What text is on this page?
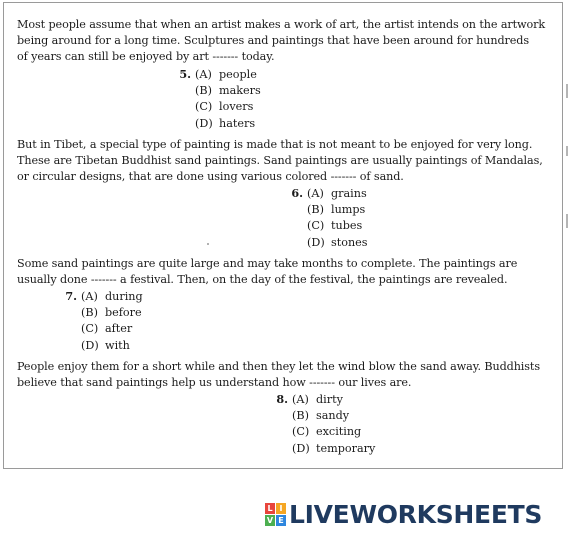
Most people assume that when an artist makes a work of art, the artist intends on the artwork
being around for a long time. Sculptures and paintings that have been around for hundreds
of years can still be enjoyed by art ------- today.
5. (A) people
(B) makers
(C) lovers
(D) haters
But in Tibet, a special type of painting is made that is not meant to be enjoyed for very long.
These are Tibetan Buddhist sand paintings. Sand paintings are usually paintings of Mandalas,
or circular designs, that are done using various colored ------- of sand.
6. (A) grains
(B) lumps
(C) tubes
(D) stones
Some sand paintings are quite large and may take months to complete. The paintings are
usually done ------- a festival. Then, on the day of the festival, the paintings are revealed.
7. (A) during
(B) before
(C) after
(D) with
People enjoy them for a short while and then they let the wind blow the sand away. Buddhists
believe that sand paintings help us understand how ------- our lives are.
8. (A) dirty
(B) sandy
(C) exciting
(D) temporary
L I
V E LIVEWORKSHEETS
